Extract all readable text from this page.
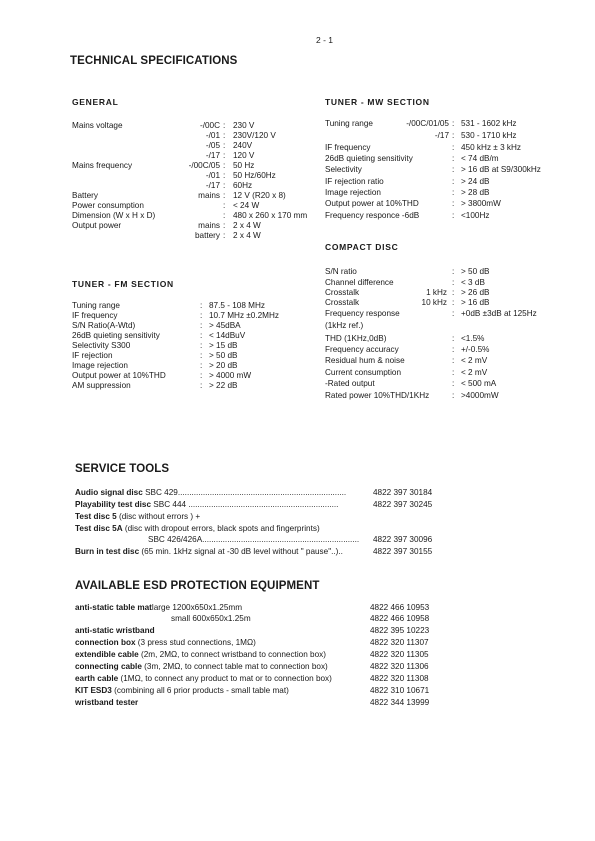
2 - 1
TECHNICAL SPECIFICATIONS
GENERAL
Mains voltage	-/00C : 230 V
-/01 : 230V/120 V
-/05 : 240V
-/17 : 120 V
Mains frequency	-/00C/05 : 50 Hz
-/01 : 50 Hz/60Hz
-/17 : 60Hz
Battery	mains : 12 V (R20 x 8)
Power consumption	: < 24 W
Dimension (W x H x D)	: 480 x 260 x 170 mm
Output power	mains : 2 x 4 W
battery : 2 x 4 W
TUNER - FM SECTION
Tuning range	: 87.5 - 108 MHz
IF frequency	: 10.7 MHz ±0.2MHz
S/N Ratio(A-Wtd)	: > 45dBA
26dB quieting sensitivity	: < 14dBuV
Selectivity S300	: > 15 dB
IF rejection	: > 50 dB
Image rejection	: > 20 dB
Output power at 10%THD	: > 4000 mW
AM suppression	: > 22 dB
TUNER - MW SECTION
Tuning range	-/00C/01/05 : 531 - 1602 kHz
-/17 : 530 - 1710 kHz
IF frequency	: 450 kHz ± 3 kHz
26dB quieting sensitivity	: < 74 dB/m
Selectivity	: > 16 dB at S9/300kHz
IF rejection ratio	: > 24 dB
Image rejection	: > 28 dB
Output power at 10%THD	: > 3800mW
Frequency responce -6dB	: <100Hz
COMPACT DISC
S/N ratio	: > 50 dB
Channel difference	: < 3 dB
Crosstalk	1 kHz : > 26 dB
Crosstalk	10 kHz : > 16 dB
Frequency response	: +0dB ±3dB at 125Hz
(1kHz ref.)
THD (1KHz,0dB)	: <1.5%
Frequency accuracy	: +/-0.5%
Residual hum & noise	: < 2 mV
Current consumption	: < 2 mV
-Rated output	: < 500 mA
Rated power 10%THD/1KHz	: >4000mW
SERVICE TOOLS
Audio signal disc SBC 429..........................................................................	4822 397 30184
Playability test disc SBC 444 ..................................................................	4822 397 30245
Test disc 5 (disc without errors ) +
Test disc 5A (disc with dropout errors, black spots and fingerprints)
SBC 426/426A..................................................................... 4822 397 30096
Burn in test disc (65 min. 1kHz signal at -30 dB level without " pause"..)..	4822 397 30155
AVAILABLE ESD PROTECTION EQUIPMENT
anti-static table matlarge 1200x650x1.25mm	4822 466 10953
small 600x650x1.25m	4822 466 10958
anti-static wristband	4822 395 10223
connection box (3 press stud connections, 1MΩ)	4822 320 11307
extendible cable (2m, 2MΩ, to connect wristband to connection box)	4822 320 11305
connecting cable (3m, 2MΩ, to connect table mat to connection box)	4822 320 11306
earth cable (1MΩ, to connect any product to mat or to connection box)	4822 320 11308
KIT ESD3 (combining all 6 prior products - small table mat)	4822 310 10671
wristband tester	4822 344 13999
